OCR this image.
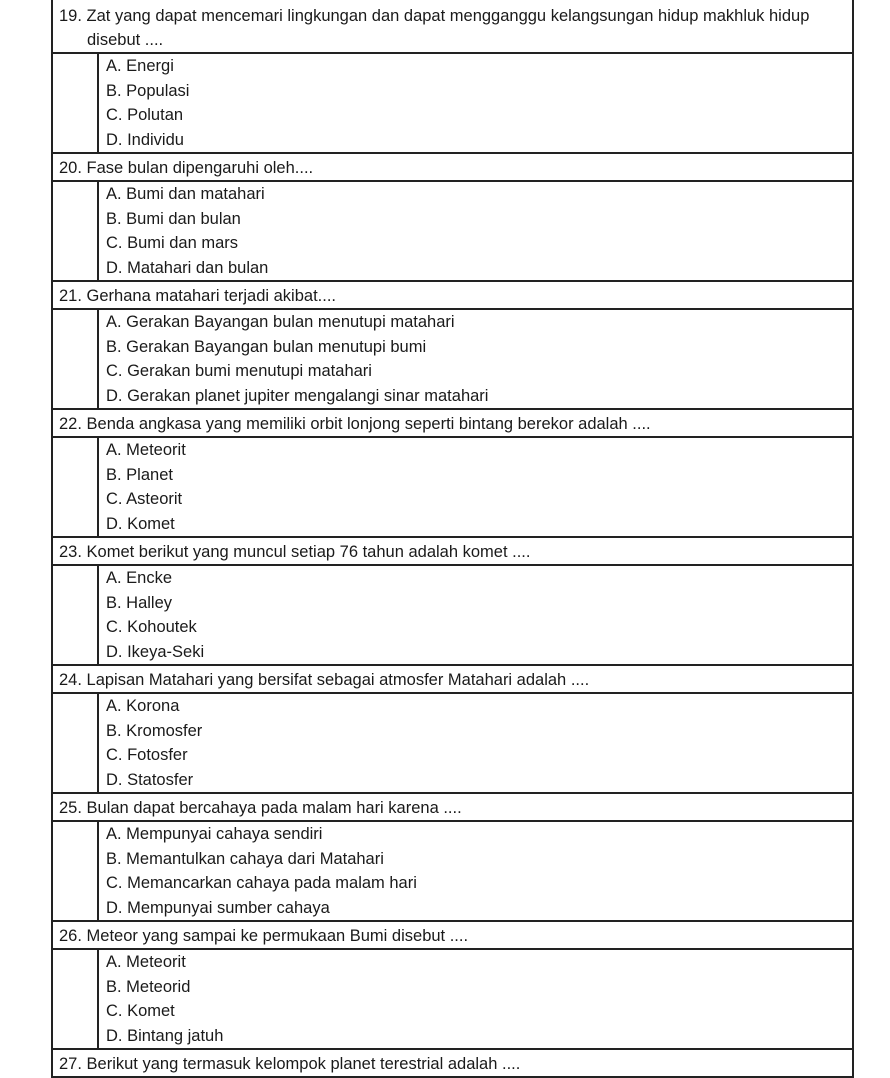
19. Zat yang dapat mencemari lingkungan dan dapat mengganggu kelangsungan hidup makhluk hidup disebut ....
A. Energi
B. Populasi
C. Polutan
D. Individu
20. Fase bulan dipengaruhi oleh....
A. Bumi dan matahari
B. Bumi dan bulan
C. Bumi dan mars
D. Matahari dan bulan
21. Gerhana matahari terjadi akibat....
A. Gerakan Bayangan bulan menutupi matahari
B. Gerakan Bayangan bulan menutupi bumi
C. Gerakan bumi menutupi matahari
D. Gerakan planet jupiter mengalangi sinar matahari
22. Benda angkasa yang memiliki orbit lonjong seperti bintang berekor adalah ....
A. Meteorit
B. Planet
C. Asteorit
D. Komet
23. Komet berikut yang muncul setiap 76 tahun adalah komet ....
A. Encke
B. Halley
C. Kohoutek
D. Ikeya-Seki
24. Lapisan Matahari yang bersifat sebagai atmosfer Matahari adalah ....
A. Korona
B. Kromosfer
C. Fotosfer
D. Statosfer
25. Bulan dapat bercahaya pada malam hari karena ....
A. Mempunyai cahaya sendiri
B. Memantulkan cahaya dari Matahari
C. Memancarkan cahaya pada malam hari
D. Mempunyai sumber cahaya
26. Meteor yang sampai ke permukaan Bumi disebut ....
A. Meteorit
B. Meteorid
C. Komet
D. Bintang jatuh
27. Berikut yang termasuk kelompok planet terestrial adalah ....
